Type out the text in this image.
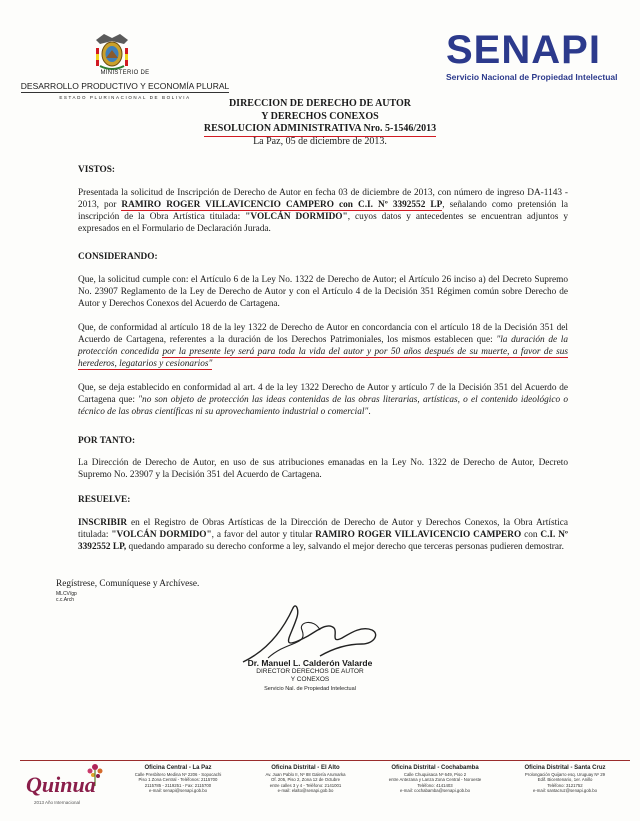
MINISTERIO DE
DESARROLLO PRODUCTIVO Y ECONOMÍA PLURAL
ESTADO PLURINACIONAL DE BOLIVIA
SENAPI
Servicio Nacional de Propiedad Intelectual
DIRECCION DE DERECHO DE AUTOR
Y DERECHOS CONEXOS
RESOLUCION ADMINISTRATIVA Nro. 5-1546/2013
La Paz, 05 de diciembre de 2013.
VISTOS:
Presentada la solicitud de Inscripción de Derecho de Autor en fecha 03 de diciembre de 2013, con número de ingreso DA-1143 - 2013, por RAMIRO ROGER VILLAVICENCIO CAMPERO con C.I. Nº 3392552 LP, señalando como pretensión la inscripción de la Obra Artística titulada: "VOLCÁN DORMIDO", cuyos datos y antecedentes se encuentran adjuntos y expresados en el Formulario de Declaración Jurada.
CONSIDERANDO:
Que, la solicitud cumple con: el Artículo 6 de la Ley No. 1322 de Derecho de Autor; el Artículo 26 inciso a) del Decreto Supremo No. 23907 Reglamento de la Ley de Derecho de Autor y con el Artículo 4 de la Decisión 351 Régimen común sobre Derecho de Autor y Derechos Conexos del Acuerdo de Cartagena.
Que, de conformidad al artículo 18 de la ley 1322 de Derecho de Autor en concordancia con el artículo 18 de la Decisión 351 del Acuerdo de Cartagena, referentes a la duración de los Derechos Patrimoniales, los mismos establecen que: "la duración de la protección concedida por la presente ley será para toda la vida del autor y por 50 años después de su muerte, a favor de sus herederos, legatarios y cesionarios"
Que, se deja establecido en conformidad al art. 4 de la ley 1322 Derecho de Autor y artículo 7 de la Decisión 351 del Acuerdo de Cartagena que: "no son objeto de protección las ideas contenidas de las obras literarias, artísticas, o el contenido ideológico o técnico de las obras científicas ni su aprovechamiento industrial o comercial".
POR TANTO:
La Dirección de Derecho de Autor, en uso de sus atribuciones emanadas en la Ley No. 1322 de Derecho de Autor, Decreto Supremo No. 23907 y la Decisión 351 del Acuerdo de Cartagena.
RESUELVE:
INSCRIBIR en el Registro de Obras Artísticas de la Dirección de Derecho de Autor y Derechos Conexos, la Obra Artística titulada: "VOLCÁN DORMIDO", a favor del autor y titular RAMIRO ROGER VILLAVICENCIO CAMPERO con C.I. Nº 3392552 LP, quedando amparado su derecho conforme a ley, salvando el mejor derecho que terceras personas pudieren demostrar.
Regístrese, Comuníquese y Archívese.
MLCV/gp
c.c.Arch
Dr. Manuel L. Calderón Valarde
DIRECTOR DERECHOS DE AUTOR
Y CONEXOS
Servicio Nal. de Propiedad Intelectual
Quinua
2013 Año Internacional
Oficina Central - La Paz
Calle Presbítero Medina Nº 2206 - Sopocachi
Piso 1 Zona Central - Teléfonos: 2115700
2115785 - 2119251 - Fax: 2115700
e-mail: senapi@senapi.gob.bo
Oficina Distrital - El Alto
Av. Juan Pablo II, Nº 88 Galería Arumarka
Of. 205, Piso 2, Zona 12 de Octubre
entre calles 3 y 4 - Teléfono: 2141001
e-mail: elalto@senapi.gob.bo
Oficina Distrital - Cochabamba
Calle Chuquisaca Nº 649, Piso 2
entre Antezana y Lanza Zona Central - Noroeste
Teléfono: 4141403
e-mail: cochabamba@senapi.gob.bo
Oficina Distrital - Santa Cruz
Prolongación Quijarro esq. Uruguay Nº 29
Edif. Bicentenario, 1er. Anillo
Teléfono: 3121752
e-mail: santacruz@senapi.gob.bo
